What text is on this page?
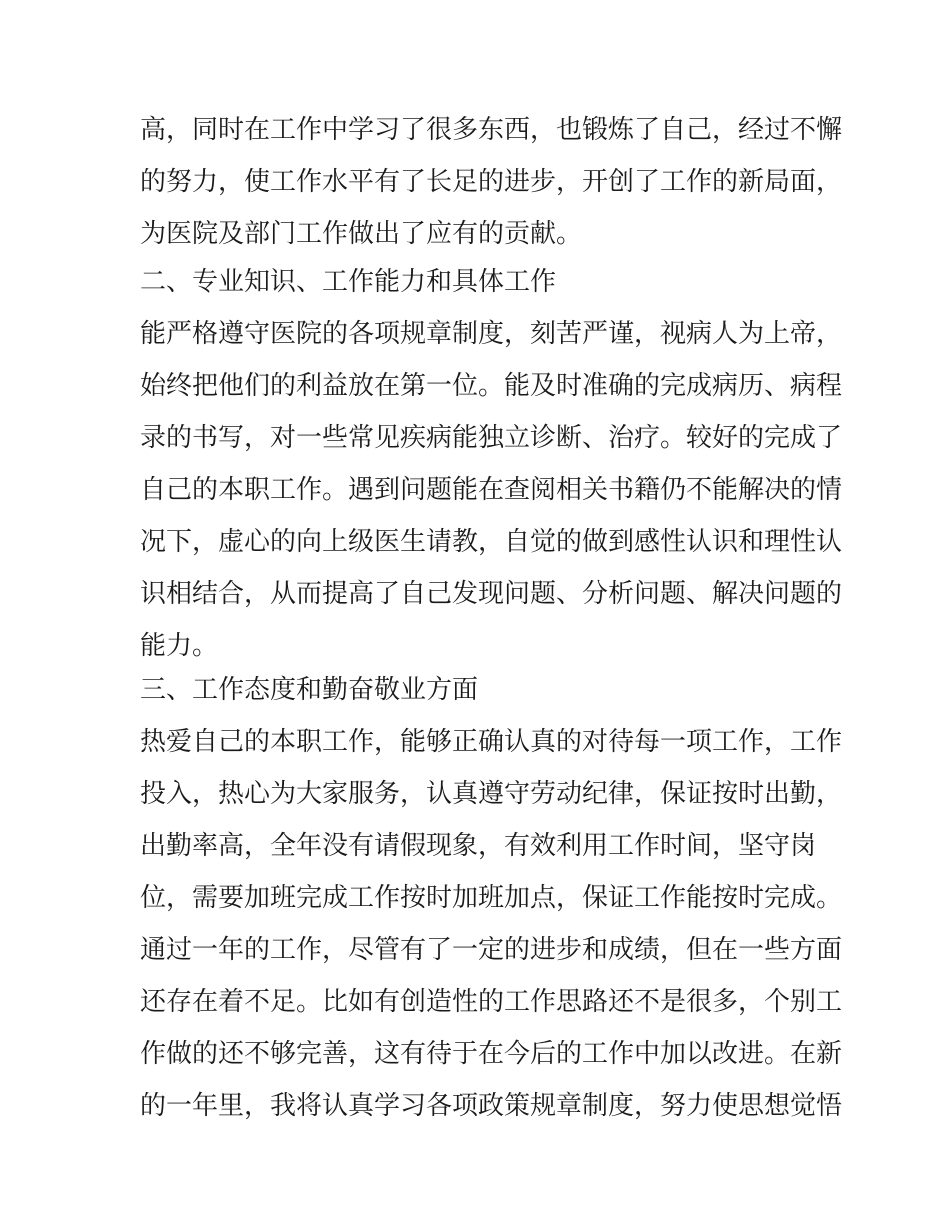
高，同时在工作中学习了很多东西，也锻炼了自己，经过不懈
的努力，使工作水平有了长足的进步，开创了工作的新局面，
为医院及部门工作做出了应有的贡献。
二、专业知识、工作能力和具体工作
能严格遵守医院的各项规章制度，刻苦严谨，视病人为上帝，
始终把他们的利益放在第一位。能及时准确的完成病历、病程
录的书写，对一些常见疾病能独立诊断、治疗。较好的完成了
自己的本职工作。遇到问题能在查阅相关书籍仍不能解决的情
况下，虚心的向上级医生请教，自觉的做到感性认识和理性认
识相结合，从而提高了自己发现问题、分析问题、解决问题的
能力。
三、工作态度和勤奋敬业方面
热爱自己的本职工作，能够正确认真的对待每一项工作，工作
投入，热心为大家服务，认真遵守劳动纪律，保证按时出勤，
出勤率高，全年没有请假现象，有效利用工作时间，坚守岗
位，需要加班完成工作按时加班加点，保证工作能按时完成。
通过一年的工作，尽管有了一定的进步和成绩，但在一些方面
还存在着不足。比如有创造性的工作思路还不是很多，个别工
作做的还不够完善，这有待于在今后的工作中加以改进。在新
的一年里，我将认真学习各项政策规章制度，努力使思想觉悟
